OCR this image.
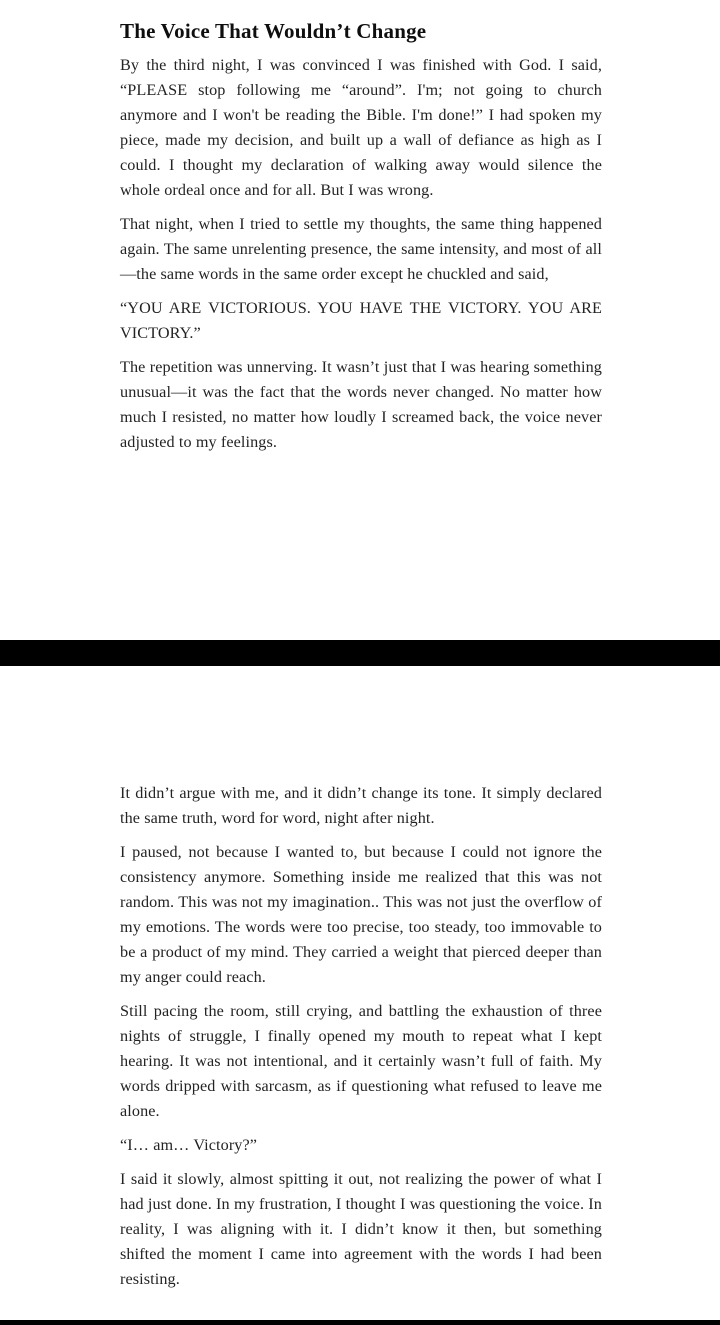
The Voice That Wouldn’t Change

By the third night, I was convinced I was finished with God. I said, “PLEASE stop following me “around”. I'm; not going to church anymore and I won't be reading the Bible. I'm done!” I had spoken my piece, made my decision, and built up a wall of defiance as high as I could. I thought my declaration of walking away would silence the whole ordeal once and for all. But I was wrong.

That night, when I tried to settle my thoughts, the same thing happened again. The same unrelenting presence, the same intensity, and most of all—the same words in the same order except he chuckled and said,

“YOU ARE VICTORIOUS. YOU HAVE THE VICTORY. YOU ARE VICTORY.”

The repetition was unnerving. It wasn’t just that I was hearing something unusual—it was the fact that the words never changed. No matter how much I resisted, no matter how loudly I screamed back, the voice never adjusted to my feelings.

It didn’t argue with me, and it didn’t change its tone. It simply declared the same truth, word for word, night after night.

I paused, not because I wanted to, but because I could not ignore the consistency anymore. Something inside me realized that this was not random. This was not my imagination.. This was not just the overflow of my emotions. The words were too precise, too steady, too immovable to be a product of my mind. They carried a weight that pierced deeper than my anger could reach.

Still pacing the room, still crying, and battling the exhaustion of three nights of struggle, I finally opened my mouth to repeat what I kept hearing. It was not intentional, and it certainly wasn’t full of faith. My words dripped with sarcasm, as if questioning what refused to leave me alone.

“I… am… Victory?”

I said it slowly, almost spitting it out, not realizing the power of what I had just done. In my frustration, I thought I was questioning the voice. In reality, I was aligning with it. I didn’t know it then, but something shifted the moment I came into agreement with the words I had been resisting.
